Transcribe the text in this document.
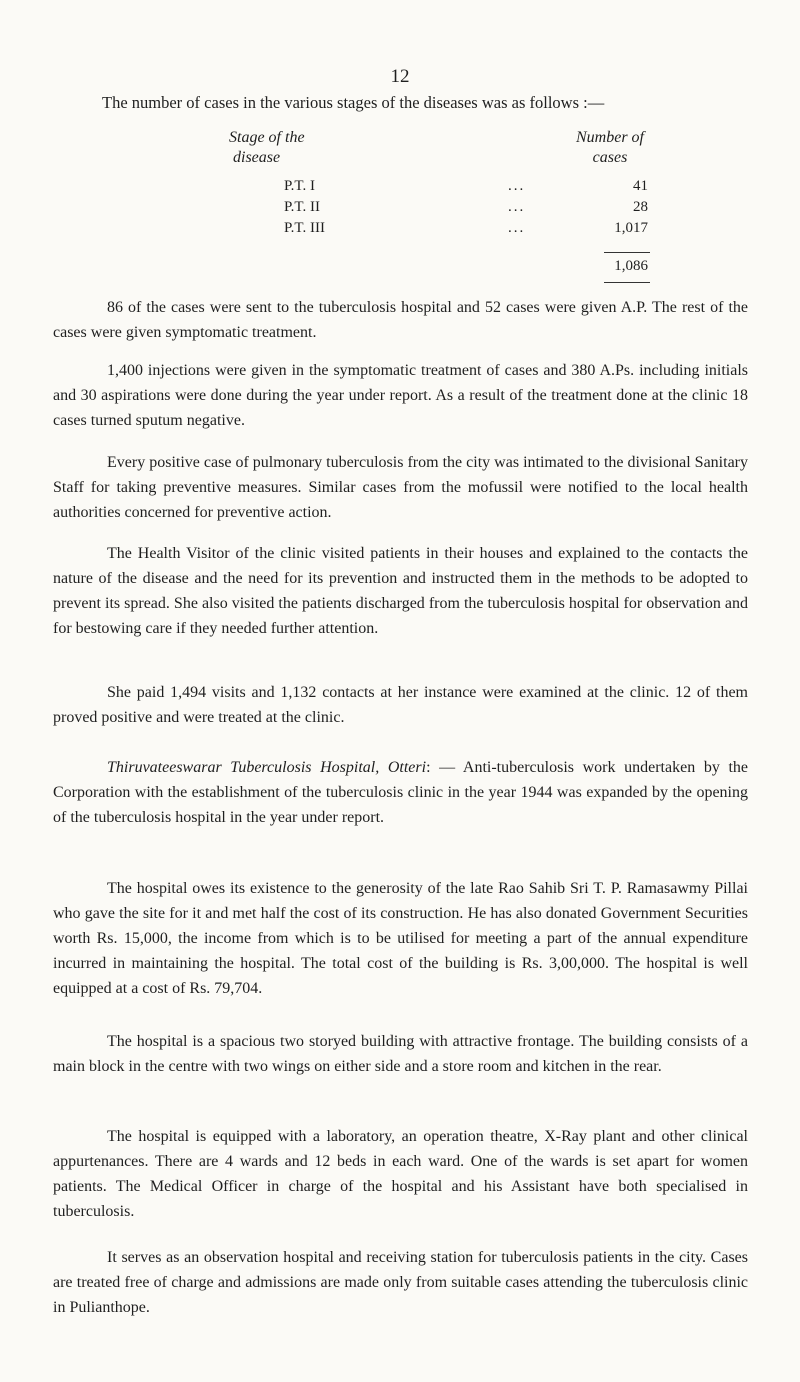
12
The number of cases in the various stages of the diseases was as follows :—
Stage of the
disease
Number of
cases
P.T. I	...	41
P.T. II	...	28
P.T. III	...	1,017
1,086
86 of the cases were sent to the tuberculosis hospital and 52 cases were given A.P. The rest of the cases were given symptomatic treatment.
1,400 injections were given in the symptomatic treatment of cases and 380 A.Ps. including initials and 30 aspirations were done during the year under report. As a result of the treatment done at the clinic 18 cases turned sputum negative.
Every positive case of pulmonary tuberculosis from the city was intimated to the divisional Sanitary Staff for taking preventive measures. Similar cases from the mofussil were notified to the local health authorities concerned for preventive action.
The Health Visitor of the clinic visited patients in their houses and explained to the contacts the nature of the disease and the need for its prevention and instructed them in the methods to be adopted to prevent its spread. She also visited the patients discharged from the tuberculosis hospital for observation and for bestowing care if they needed further attention.
She paid 1,494 visits and 1,132 contacts at her instance were examined at the clinic. 12 of them proved positive and were treated at the clinic.
Thiruvateeswarar Tuberculosis Hospital, Otteri: — Anti-tuberculosis work undertaken by the Corporation with the establishment of the tuberculosis clinic in the year 1944 was expanded by the opening of the tuberculosis hospital in the year under report.
The hospital owes its existence to the generosity of the late Rao Sahib Sri T. P. Ramasawmy Pillai who gave the site for it and met half the cost of its construction. He has also donated Government Securities worth Rs. 15,000, the income from which is to be utilised for meeting a part of the annual expenditure incurred in maintaining the hospital. The total cost of the building is Rs. 3,00,000. The hospital is well equipped at a cost of Rs. 79,704.
The hospital is a spacious two storyed building with attractive frontage. The building consists of a main block in the centre with two wings on either side and a store room and kitchen in the rear.
The hospital is equipped with a laboratory, an operation theatre, X-Ray plant and other clinical appurtenances. There are 4 wards and 12 beds in each ward. One of the wards is set apart for women patients. The Medical Officer in charge of the hospital and his Assistant have both specialised in tuberculosis.
It serves as an observation hospital and receiving station for tuberculosis patients in the city. Cases are treated free of charge and admissions are made only from suitable cases attending the tuberculosis clinic in Pulianthope.
